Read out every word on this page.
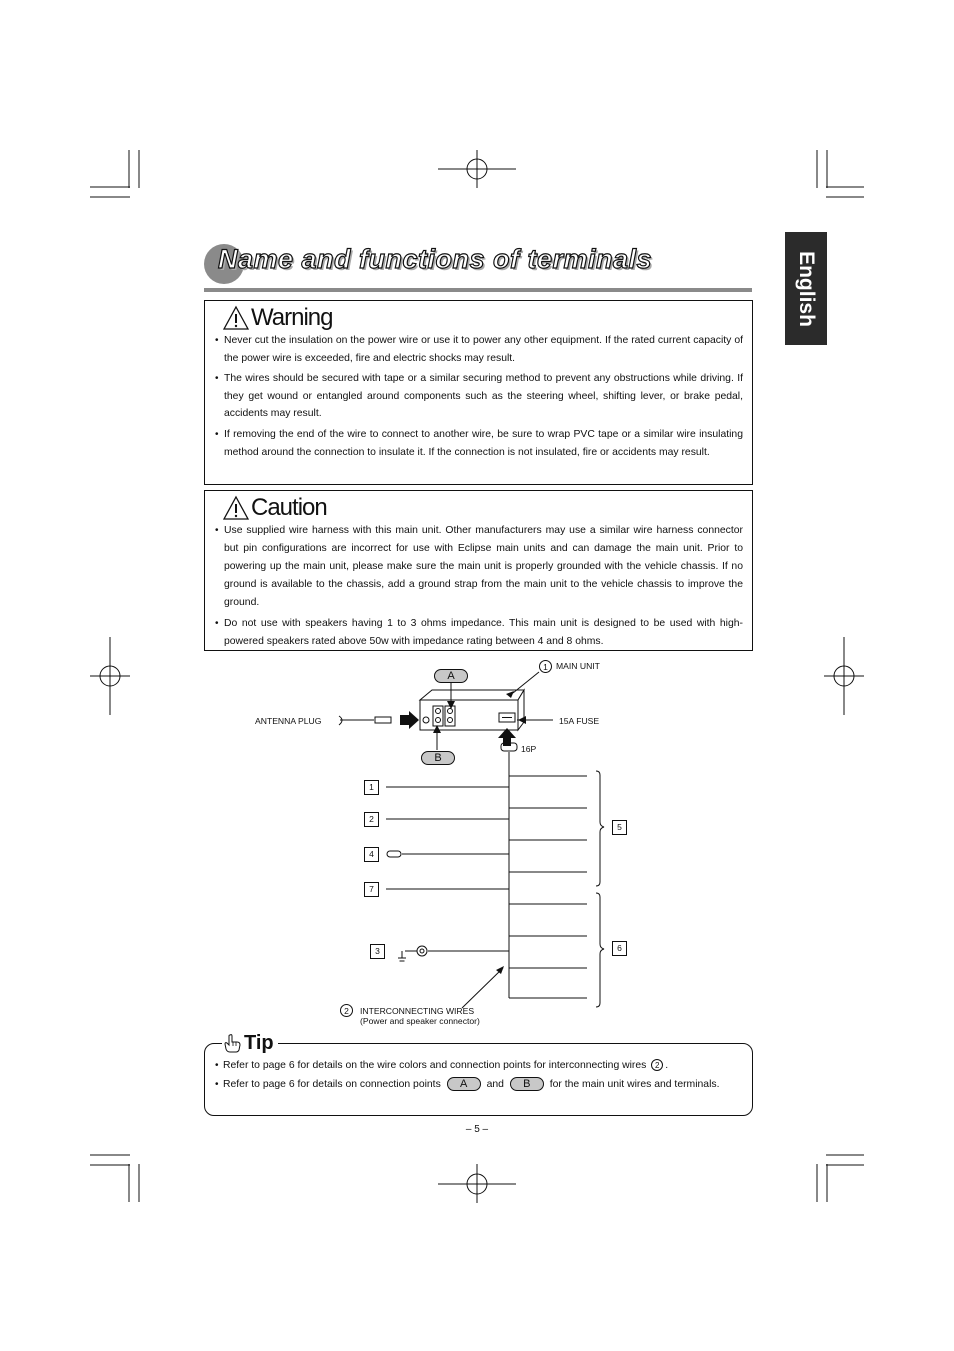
English
Name and functions of terminals
Warning
• Never cut the insulation on the power wire or use it to power any other equipment. If the rated current capacity of the power wire is exceeded, fire and electric shocks may result.
• The wires should be secured with tape or a similar securing method to prevent any obstructions while driving. If they get wound or entangled around components such as the steering wheel, shifting lever, or brake pedal, accidents may result.
• If removing the end of the wire to connect to another wire, be sure to wrap PVC tape or a similar wire insulating method around the connection to insulate it. If the connection is not insulated, fire or accidents may result.
Caution
• Use supplied wire harness with this main unit. Other manufacturers may use a similar wire harness connector but pin configurations are incorrect for use with Eclipse main units and can damage the main unit. Prior to powering up the main unit, please make sure the main unit is properly grounded with the vehicle chassis. If no ground is available to the chassis, add a ground strap from the main unit to the vehicle chassis to improve the ground.
• Do not use with speakers having 1 to 3 ohms impedance. This main unit is designed to be used with high-powered speakers rated above 50w with impedance rating between 4 and 8 ohms.
A
B
1 MAIN UNIT
ANTENNA PLUG	15A FUSE
16P
1
2
4
7
3
5
6
2	INTERCONNECTING WIRES
(Power and speaker connector)
Tip
• Refer to page 6 for details on the wire colors and connection points for interconnecting wires 2 .
• Refer to page 6 for details on connection points A and B for the main unit wires and terminals.
– 5 –
